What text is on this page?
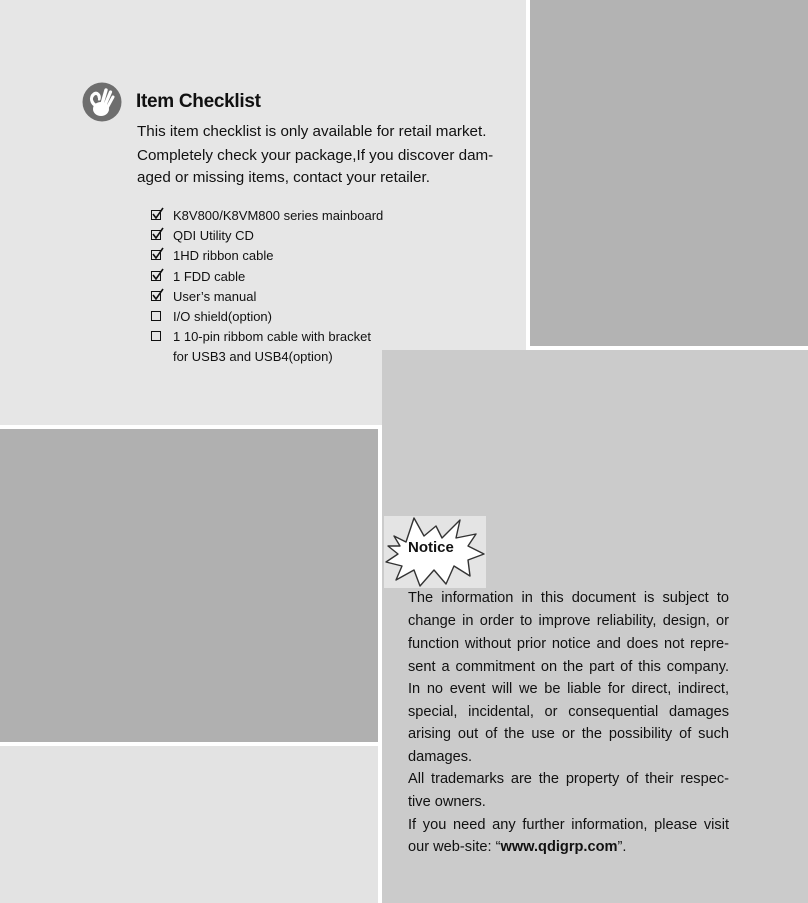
Item Checklist
This item checklist is only available for retail market.
Completely check your package,If you discover dam-
aged or missing items, contact your retailer.
K8V800/K8VM800 series mainboard
QDI Utility CD
1HD ribbon cable
1 FDD cable
User’s manual
I/O shield(option)
1 10-pin ribbom cable with bracket
for USB3 and USB4(option)
Notice
The information in this document is subject to
change in order to improve reliability, design, or
function without prior notice and does not repre-
sent a commitment on the part of this company.
In no event will we be liable for direct, indirect,
special, incidental, or consequential damages
arising out of the use or the possibility of such
damages.
All trademarks are the property of their respec-
tive owners.
If you need any further information, please visit
our web-site: “www.qdigrp.com”.
